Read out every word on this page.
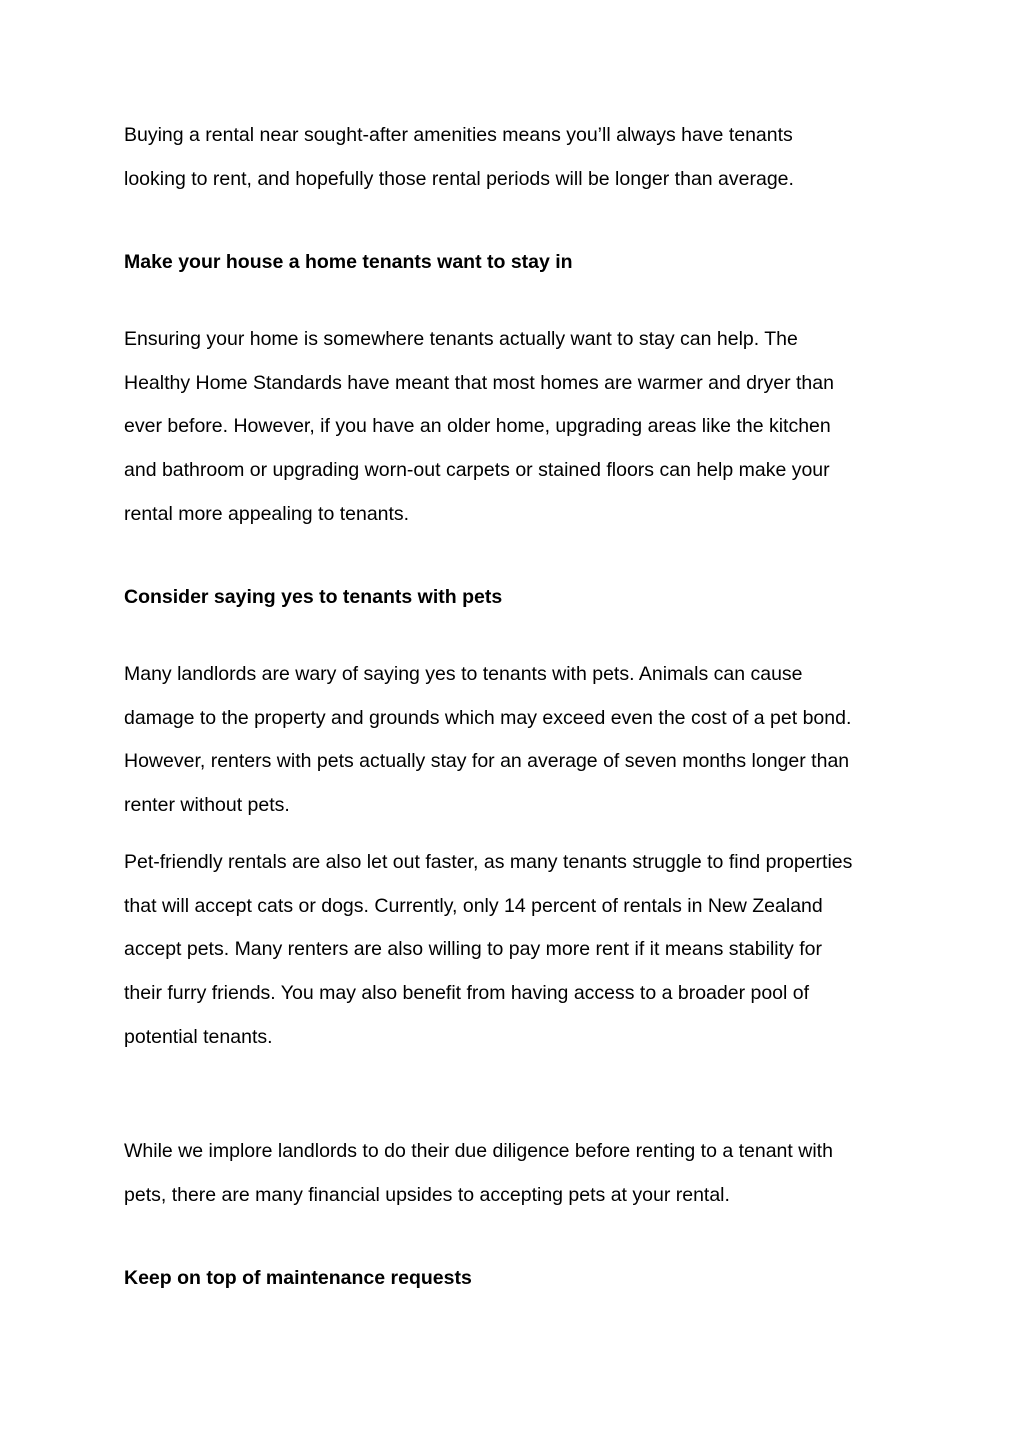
Buying a rental near sought-after amenities means you’ll always have tenants
looking to rent, and hopefully those rental periods will be longer than average.
Make your house a home tenants want to stay in
Ensuring your home is somewhere tenants actually want to stay can help. The
Healthy Home Standards have meant that most homes are warmer and dryer than
ever before. However, if you have an older home, upgrading areas like the kitchen
and bathroom or upgrading worn-out carpets or stained floors can help make your
rental more appealing to tenants.
Consider saying yes to tenants with pets
Many landlords are wary of saying yes to tenants with pets. Animals can cause
damage to the property and grounds which may exceed even the cost of a pet bond.
However, renters with pets actually stay for an average of seven months longer than
renter without pets.
Pet-friendly rentals are also let out faster, as many tenants struggle to find properties
that will accept cats or dogs. Currently, only 14 percent of rentals in New Zealand
accept pets. Many renters are also willing to pay more rent if it means stability for
their furry friends. You may also benefit from having access to a broader pool of
potential tenants.
While we implore landlords to do their due diligence before renting to a tenant with
pets, there are many financial upsides to accepting pets at your rental.
Keep on top of maintenance requests
